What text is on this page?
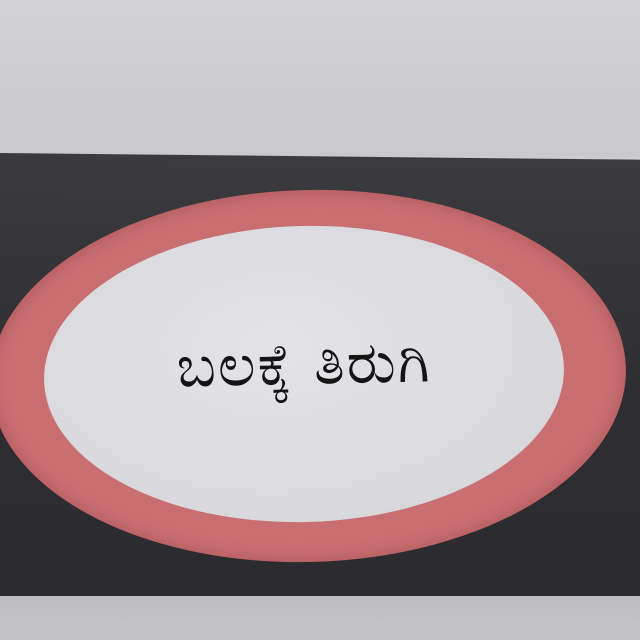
ಬಲಕ್ಕೆ ತಿರುಗಿ
